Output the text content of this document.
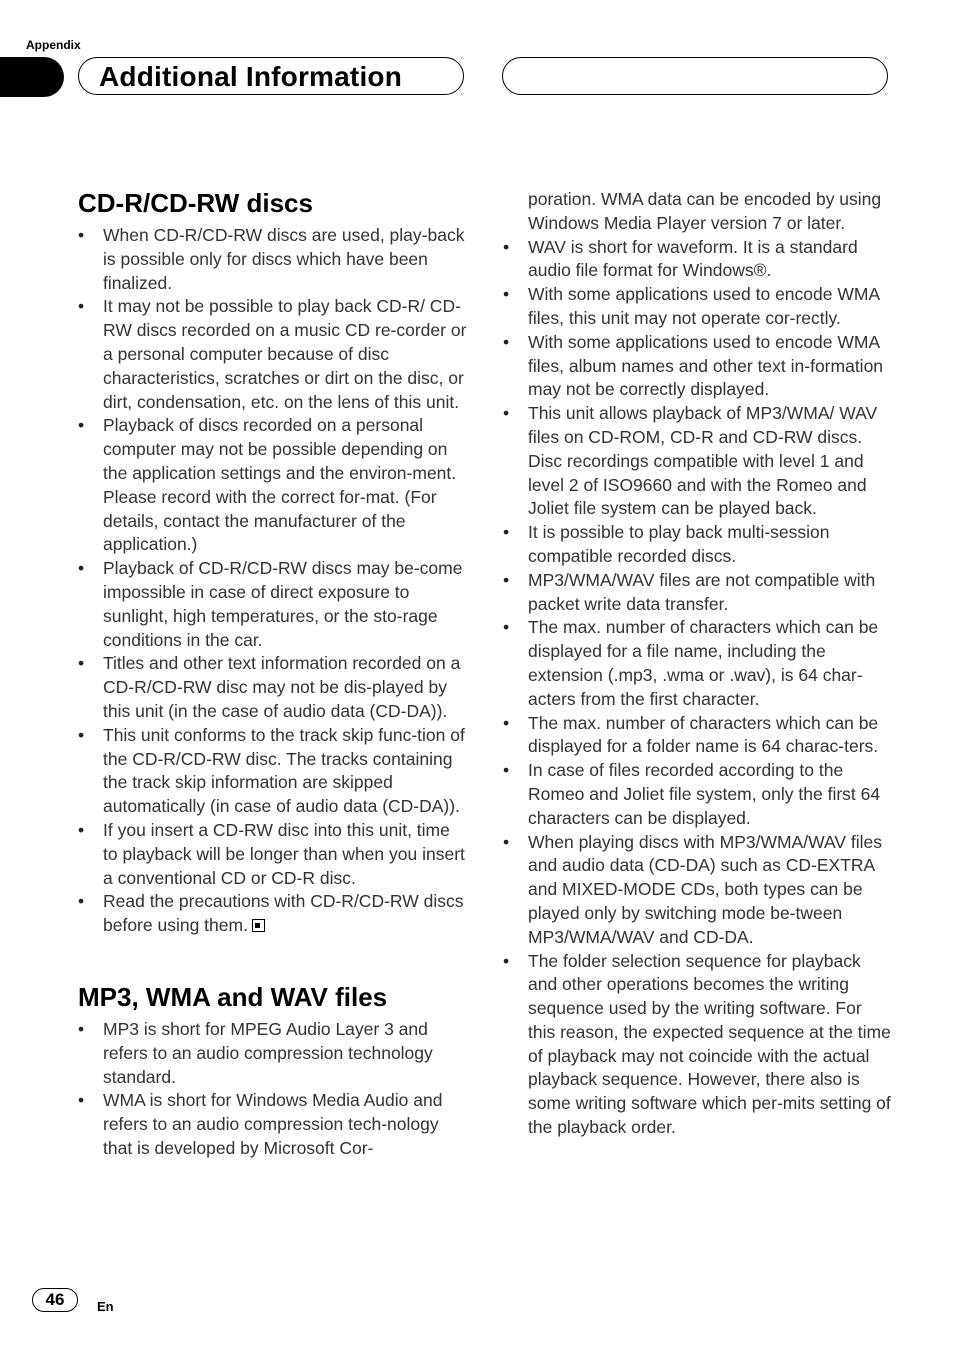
Appendix
Additional Information
CD-R/CD-RW discs
• When CD-R/CD-RW discs are used, play-back is possible only for discs which have been finalized.
• It may not be possible to play back CD-R/ CD-RW discs recorded on a music CD re-corder or a personal computer because of disc characteristics, scratches or dirt on the disc, or dirt, condensation, etc. on the lens of this unit.
• Playback of discs recorded on a personal computer may not be possible depending on the application settings and the environ-ment. Please record with the correct for-mat. (For details, contact the manufacturer of the application.)
• Playback of CD-R/CD-RW discs may be-come impossible in case of direct exposure to sunlight, high temperatures, or the sto-rage conditions in the car.
• Titles and other text information recorded on a CD-R/CD-RW disc may not be dis-played by this unit (in the case of audio data (CD-DA)).
• This unit conforms to the track skip func-tion of the CD-R/CD-RW disc. The tracks containing the track skip information are skipped automatically (in case of audio data (CD-DA)).
• If you insert a CD-RW disc into this unit, time to playback will be longer than when you insert a conventional CD or CD-R disc.
• Read the precautions with CD-R/CD-RW discs before using them.
MP3, WMA and WAV files
• MP3 is short for MPEG Audio Layer 3 and refers to an audio compression technology standard.
• WMA is short for Windows Media Audio and refers to an audio compression tech-nology that is developed by Microsoft Cor-
poration. WMA data can be encoded by using Windows Media Player version 7 or later.
• WAV is short for waveform. It is a standard audio file format for Windows®.
• With some applications used to encode WMA files, this unit may not operate cor-rectly.
• With some applications used to encode WMA files, album names and other text in-formation may not be correctly displayed.
• This unit allows playback of MP3/WMA/ WAV files on CD-ROM, CD-R and CD-RW discs. Disc recordings compatible with level 1 and level 2 of ISO9660 and with the Romeo and Joliet file system can be played back.
• It is possible to play back multi-session compatible recorded discs.
• MP3/WMA/WAV files are not compatible with packet write data transfer.
• The max. number of characters which can be displayed for a file name, including the extension (.mp3, .wma or .wav), is 64 char-acters from the first character.
• The max. number of characters which can be displayed for a folder name is 64 charac-ters.
• In case of files recorded according to the Romeo and Joliet file system, only the first 64 characters can be displayed.
• When playing discs with MP3/WMA/WAV files and audio data (CD-DA) such as CD-EXTRA and MIXED-MODE CDs, both types can be played only by switching mode be-tween MP3/WMA/WAV and CD-DA.
• The folder selection sequence for playback and other operations becomes the writing sequence used by the writing software. For this reason, the expected sequence at the time of playback may not coincide with the actual playback sequence. However, there also is some writing software which per-mits setting of the playback order.
46	En
